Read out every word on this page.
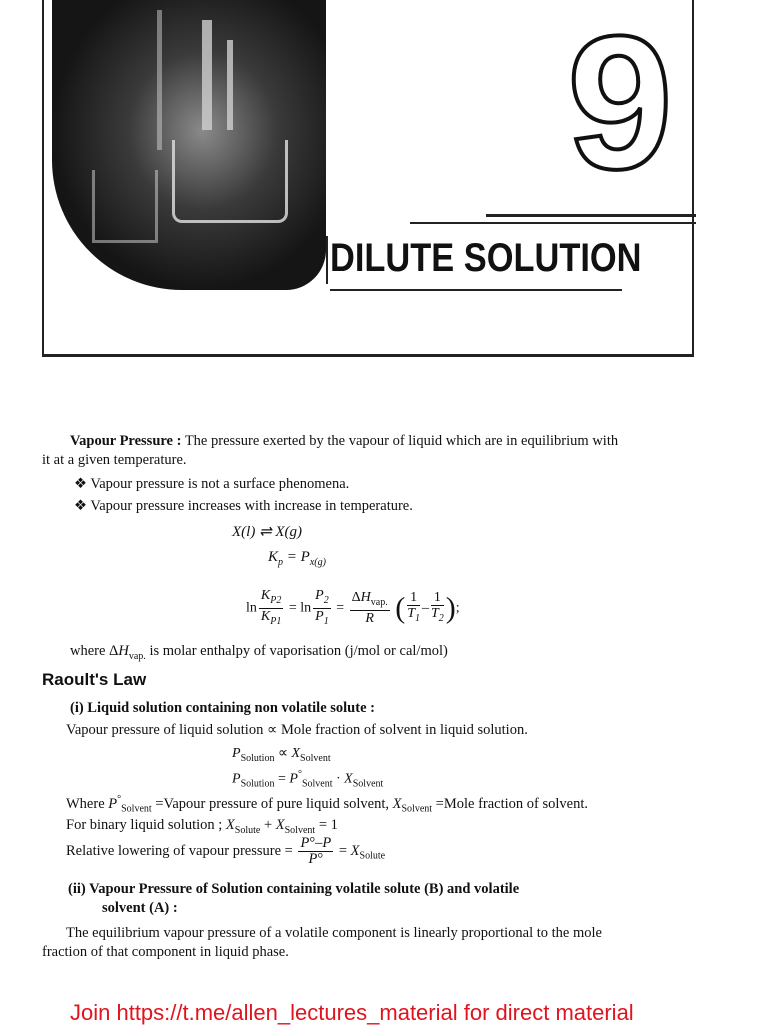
9
DILUTE SOLUTION
Vapour Pressure : The pressure exerted by the vapour of liquid which are in equilibrium with
it at a given temperature.
❖ Vapour pressure is not a surface phenomena.
❖ Vapour pressure increases with increase in temperature.
X(l) ⇌ X(g)
$K_p = P_{x(g)}$
$\ln \frac{K_{P2}}{K_{P1}} = \ln \frac{P_2}{P_1} = \frac{\Delta H_{vap.}}{R}$ ( $\frac{1}{T_1} - \frac{1}{T_2}$ );
where $\Delta H_{vap.}$ is molar enthalpy of vaporisation (j/mol or cal/mol)
Raoult's Law
(i) Liquid solution containing non volatile solute :
Vapour pressure of liquid solution ∝ Mole fraction of solvent in liquid solution.
$P_{Solution} \propto X_{Solvent}$
$P_{Solution} = P^\circ_{Solvent} \cdot X_{Solvent}$
Where $P^\circ_{Solvent}$ =Vapour pressure of pure liquid solvent, $X_{Solvent}$ =Mole fraction of solvent.
For binary liquid solution ; $X_{Solute} + X_{Solvent} = 1$
Relative lowering of vapour pressure = $\frac{P^\circ-P}{P^\circ} = X_{Solute}$
(ii) Vapour Pressure of Solution containing volatile solute (B) and volatile
solvent (A) :
The equilibrium vapour pressure of a volatile component is linearly proportional to the mole
fraction of that component in liquid phase.
Join https://t.me/allen_lectures_material for direct material
